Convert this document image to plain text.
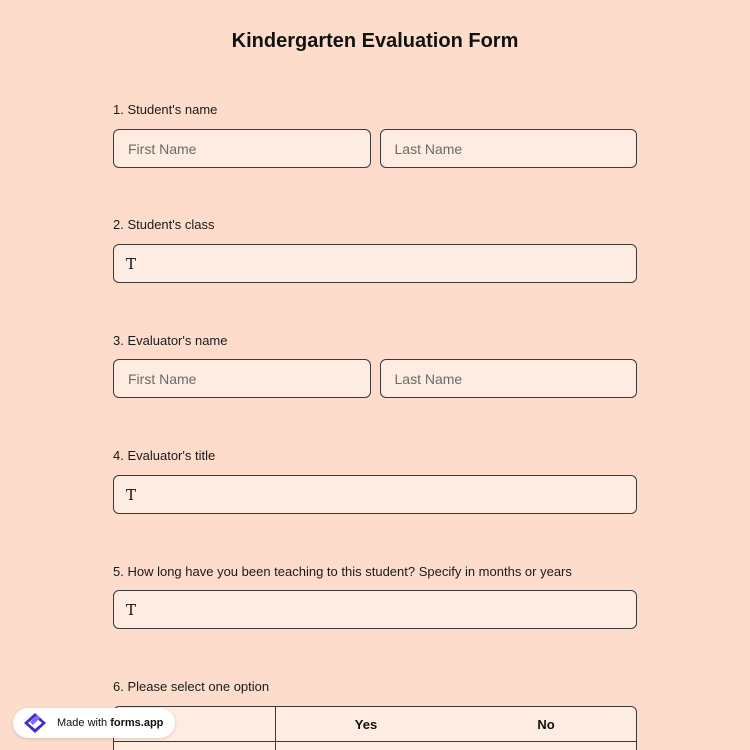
Kindergarten Evaluation Form
1. Student's name
First Name
Last Name
2. Student's class
T
3. Evaluator's name
First Name
Last Name
4. Evaluator's title
T
5. How long have you been teaching to this student? Specify in months or years
T
6. Please select one option
Yes	No
Made with forms.app
